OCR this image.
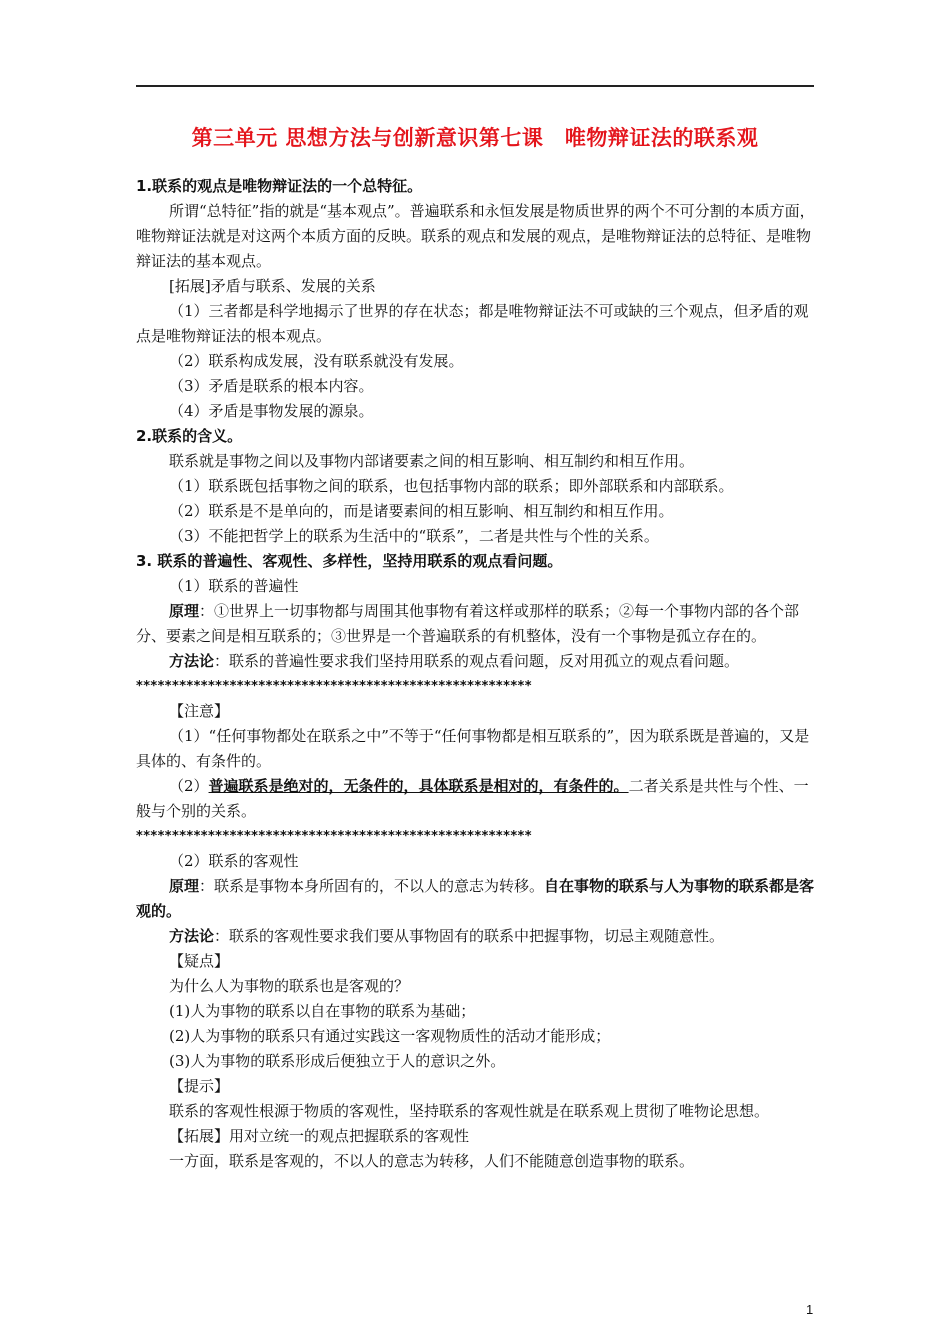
第三单元 思想方法与创新意识第七课　唯物辩证法的联系观

1.联系的观点是唯物辩证法的一个总特征。

所谓“总特征”指的就是“基本观点”。普遍联系和永恒发展是物质世界的两个不可分割的本质方面，唯物辩证法就是对这两个本质方面的反映。联系的观点和发展的观点，是唯物辩证法的总特征、是唯物辩证法的基本观点。

[拓展]矛盾与联系、发展的关系

（1）三者都是科学地揭示了世界的存在状态；都是唯物辩证法不可或缺的三个观点，但矛盾的观点是唯物辩证法的根本观点。

（2）联系构成发展，没有联系就没有发展。

（3）矛盾是联系的根本内容。

（4）矛盾是事物发展的源泉。

2.联系的含义。

联系就是事物之间以及事物内部诸要素之间的相互影响、相互制约和相互作用。

（1）联系既包括事物之间的联系，也包括事物内部的联系；即外部联系和内部联系。

（2）联系是不是单向的，而是诸要素间的相互影响、相互制约和相互作用。

（3）不能把哲学上的联系为生活中的“联系”，二者是共性与个性的关系。

3. 联系的普遍性、客观性、多样性，坚持用联系的观点看问题。

（1）联系的普遍性

原理：①世界上一切事物都与周围其他事物有着这样或那样的联系；②每一个事物内部的各个部分、要素之间是相互联系的；③世界是一个普遍联系的有机整体，没有一个事物是孤立存在的。

方法论：联系的普遍性要求我们坚持用联系的观点看问题，反对用孤立的观点看问题。

*******************************************************

【注意】

（1）“任何事物都处在联系之中”不等于“任何事物都是相互联系的”，因为联系既是普遍的，又是具体的、有条件的。

（2）普遍联系是绝对的，无条件的，具体联系是相对的，有条件的。二者关系是共性与个性、一般与个别的关系。

*******************************************************

（2）联系的客观性

原理：联系是事物本身所固有的，不以人的意志为转移。自在事物的联系与人为事物的联系都是客观的。

方法论：联系的客观性要求我们要从事物固有的联系中把握事物，切忌主观随意性。

【疑点】

为什么人为事物的联系也是客观的？

(1)人为事物的联系以自在事物的联系为基础；

(2)人为事物的联系只有通过实践这一客观物质性的活动才能形成；

(3)人为事物的联系形成后便独立于人的意识之外。

【提示】

联系的客观性根源于物质的客观性，坚持联系的客观性就是在联系观上贯彻了唯物论思想。

【拓展】用对立统一的观点把握联系的客观性

一方面，联系是客观的，不以人的意志为转移，人们不能随意创造事物的联系。

1
